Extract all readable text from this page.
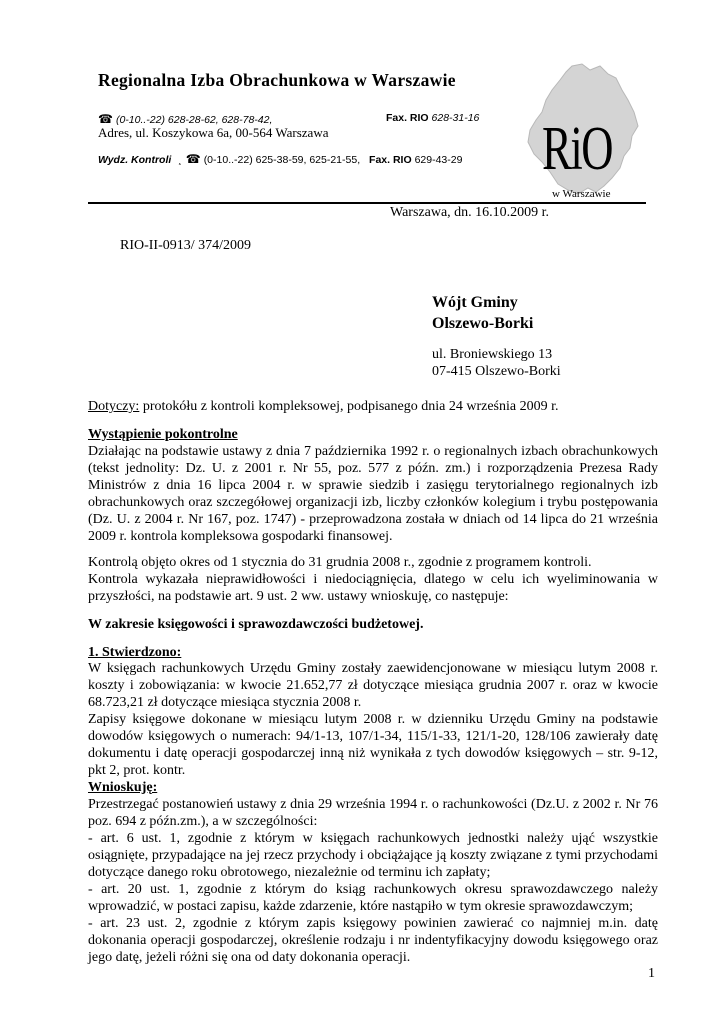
Regionalna Izba Obrachunkowa w Warszawie
☎ (0-10..-22) 628-28-62, 628-78-42,	Fax. RIO 628-31-16
Adres, ul. Koszykowa 6a, 00-564 Warszawa
Wydz. Kontroli ¸ ☎ (0-10..-22) 625-38-59, 625-21-55, Fax. RIO 629-43-29 RiO
w Warszawie
Warszawa, dn. 16.10.2009 r.
RIO-II-0913/ 374/2009
Wójt Gminy
Olszewo-Borki
ul. Broniewskiego 13
07-415 Olszewo-Borki
Dotyczy: protokółu z kontroli kompleksowej, podpisanego dnia 24 września 2009 r.
Wystąpienie pokontrolne
Działając na podstawie ustawy z dnia 7 października 1992 r. o regionalnych izbach obrachunkowych (tekst jednolity: Dz. U. z 2001 r. Nr 55, poz. 577 z późn. zm.) i rozporządzenia Prezesa Rady Ministrów z dnia 16 lipca 2004 r. w sprawie siedzib i zasięgu terytorialnego regionalnych izb obrachunkowych oraz szczegółowej organizacji izb, liczby członków kolegium i trybu postępowania (Dz. U. z 2004 r. Nr 167, poz. 1747) - przeprowadzona została w dniach od 14 lipca do 21 września 2009 r. kontrola kompleksowa gospodarki finansowej.
Kontrolą objęto okres od 1 stycznia do 31 grudnia 2008 r., zgodnie z programem kontroli.
Kontrola wykazała nieprawidłowości i niedociągnięcia, dlatego w celu ich wyeliminowania w przyszłości, na podstawie art. 9 ust. 2 ww. ustawy wnioskuję, co następuje:
W zakresie księgowości i sprawozdawczości budżetowej.
1. Stwierdzono:
W księgach rachunkowych Urzędu Gminy zostały zaewidencjonowane w miesiącu lutym 2008 r. koszty i zobowiązania: w kwocie 21.652,77 zł dotyczące miesiąca grudnia 2007 r. oraz w kwocie 68.723,21 zł dotyczące miesiąca stycznia 2008 r.
Zapisy księgowe dokonane w miesiącu lutym 2008 r. w dzienniku Urzędu Gminy na podstawie dowodów księgowych o numerach: 94/1-13, 107/1-34, 115/1-33, 121/1-20, 128/106 zawierały datę dokumentu i datę operacji gospodarczej inną niż wynikała z tych dowodów księgowych – str. 9-12, pkt 2, prot. kontr.
Wnioskuję:
Przestrzegać postanowień ustawy z dnia 29 września 1994 r. o rachunkowości (Dz.U. z 2002 r. Nr 76 poz. 694 z późn.zm.), a w szczególności:
- art. 6 ust. 1, zgodnie z którym w księgach rachunkowych jednostki należy ująć wszystkie osiągnięte, przypadające na jej rzecz przychody i obciążające ją koszty związane z tymi przychodami dotyczące danego roku obrotowego, niezależnie od terminu ich zapłaty;
- art. 20 ust. 1, zgodnie z którym do ksiąg rachunkowych okresu sprawozdawczego należy wprowadzić, w postaci zapisu, każde zdarzenie, które nastąpiło w tym okresie sprawozdawczym;
- art. 23 ust. 2, zgodnie z którym zapis księgowy powinien zawierać co najmniej m.in. datę dokonania operacji gospodarczej, określenie rodzaju i nr indentyfikacyjny dowodu księgowego oraz jego datę, jeżeli różni się ona od daty dokonania operacji.
1
